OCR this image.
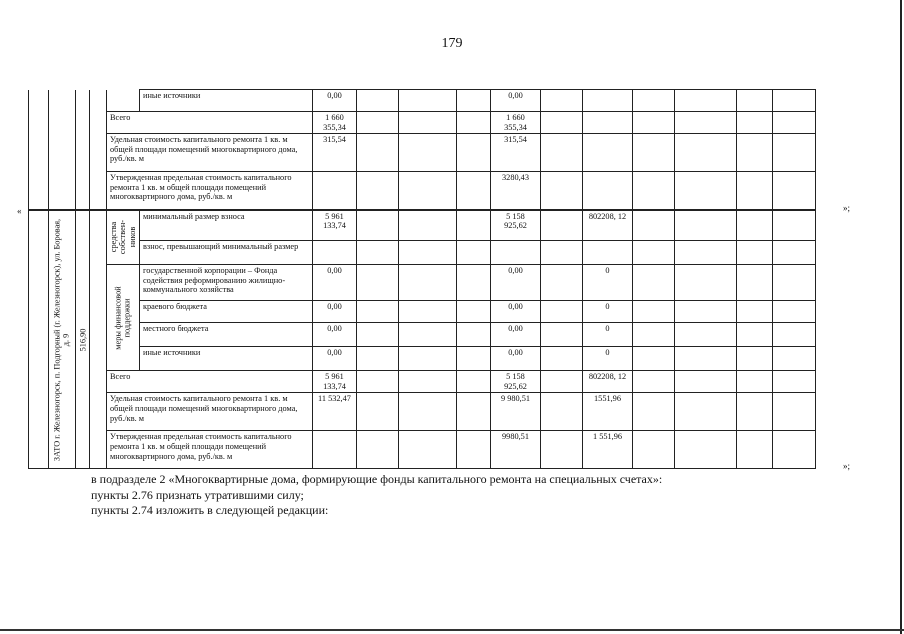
179
					иные источники	0,00				0,00						
				Всего		1 660 355,34				1 660 355,34						
				Удельная стоимость капитального ремонта 1 кв. м общей площади помещений многоквартирного дома, руб./кв. м		315,54				315,54						
				Утвержденная предельная стоимость капитального ремонта 1 кв. м общей площади помещений многоквартирного дома, руб./кв. м						3280,43						

	ЗАТО г. Железногорск, п. Подгорный (г. Железногорск), ул. Боровая, д. 9	516,90		средства собствен-ников	минимальный размер взноса	5 961 133,74				5 158 925,62		802208, 12				
					взнос, превышающий минимальный размер											

				меры финансовой поддержки	государственной корпорации – Фонда содействия реформированию жилищно-коммунального хозяйства	0,00				0,00		0				
					краевого бюджета	0,00				0,00		0				
					местного бюджета	0,00				0,00		0				
					иные источники	0,00				0,00		0				
				Всего		5 961 133,74				5 158 925,62		802208, 12				
				Удельная стоимость капитального ремонта 1 кв. м общей площади помещений многоквартирного дома, руб./кв. м		11 532,47				9 980,51		1551,96				
				Утвержденная предельная стоимость капитального ремонта 1 кв. м общей площади помещений многоквартирного дома, руб./кв. м						9980,51		1 551,96				
«	»;
»;
в подразделе 2 «Многоквартирные дома, формирующие фонды капитального ремонта на специальных счетах»:
пункты 2.76 признать утратившими силу;
пункты 2.74 изложить в следующей редакции:
